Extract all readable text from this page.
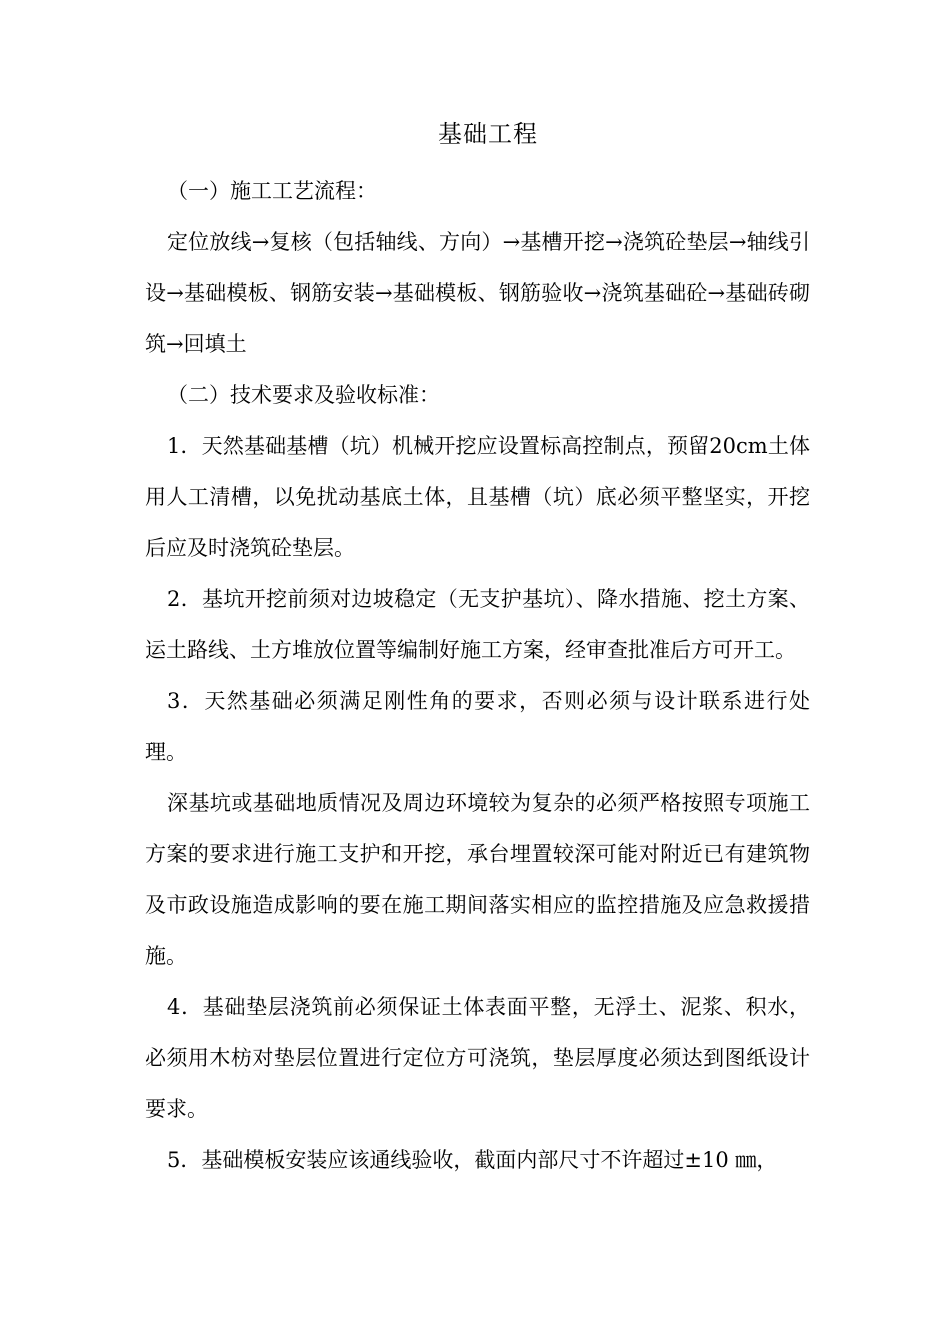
基础工程

（一）施工工艺流程：

定位放线→复核（包括轴线、方向）→基槽开挖→浇筑砼垫层→轴线引设→基础模板、钢筋安装→基础模板、钢筋验收→浇筑基础砼→基础砖砌筑→回填土

（二）技术要求及验收标准：

1．天然基础基槽（坑）机械开挖应设置标高控制点，预留20cm土体用人工清槽，以免扰动基底土体，且基槽（坑）底必须平整坚实，开挖后应及时浇筑砼垫层。

2．基坑开挖前须对边坡稳定（无支护基坑）、降水措施、挖土方案、运土路线、土方堆放位置等编制好施工方案，经审查批准后方可开工。

3．天然基础必须满足刚性角的要求，否则必须与设计联系进行处理。

深基坑或基础地质情况及周边环境较为复杂的必须严格按照专项施工方案的要求进行施工支护和开挖，承台埋置较深可能对附近已有建筑物及市政设施造成影响的要在施工期间落实相应的监控措施及应急救援措施。

4．基础垫层浇筑前必须保证土体表面平整，无浮土、泥浆、积水，必须用木枋对垫层位置进行定位方可浇筑，垫层厚度必须达到图纸设计要求。

5．基础模板安装应该通线验收，截面内部尺寸不许超过±10 ㎜，
